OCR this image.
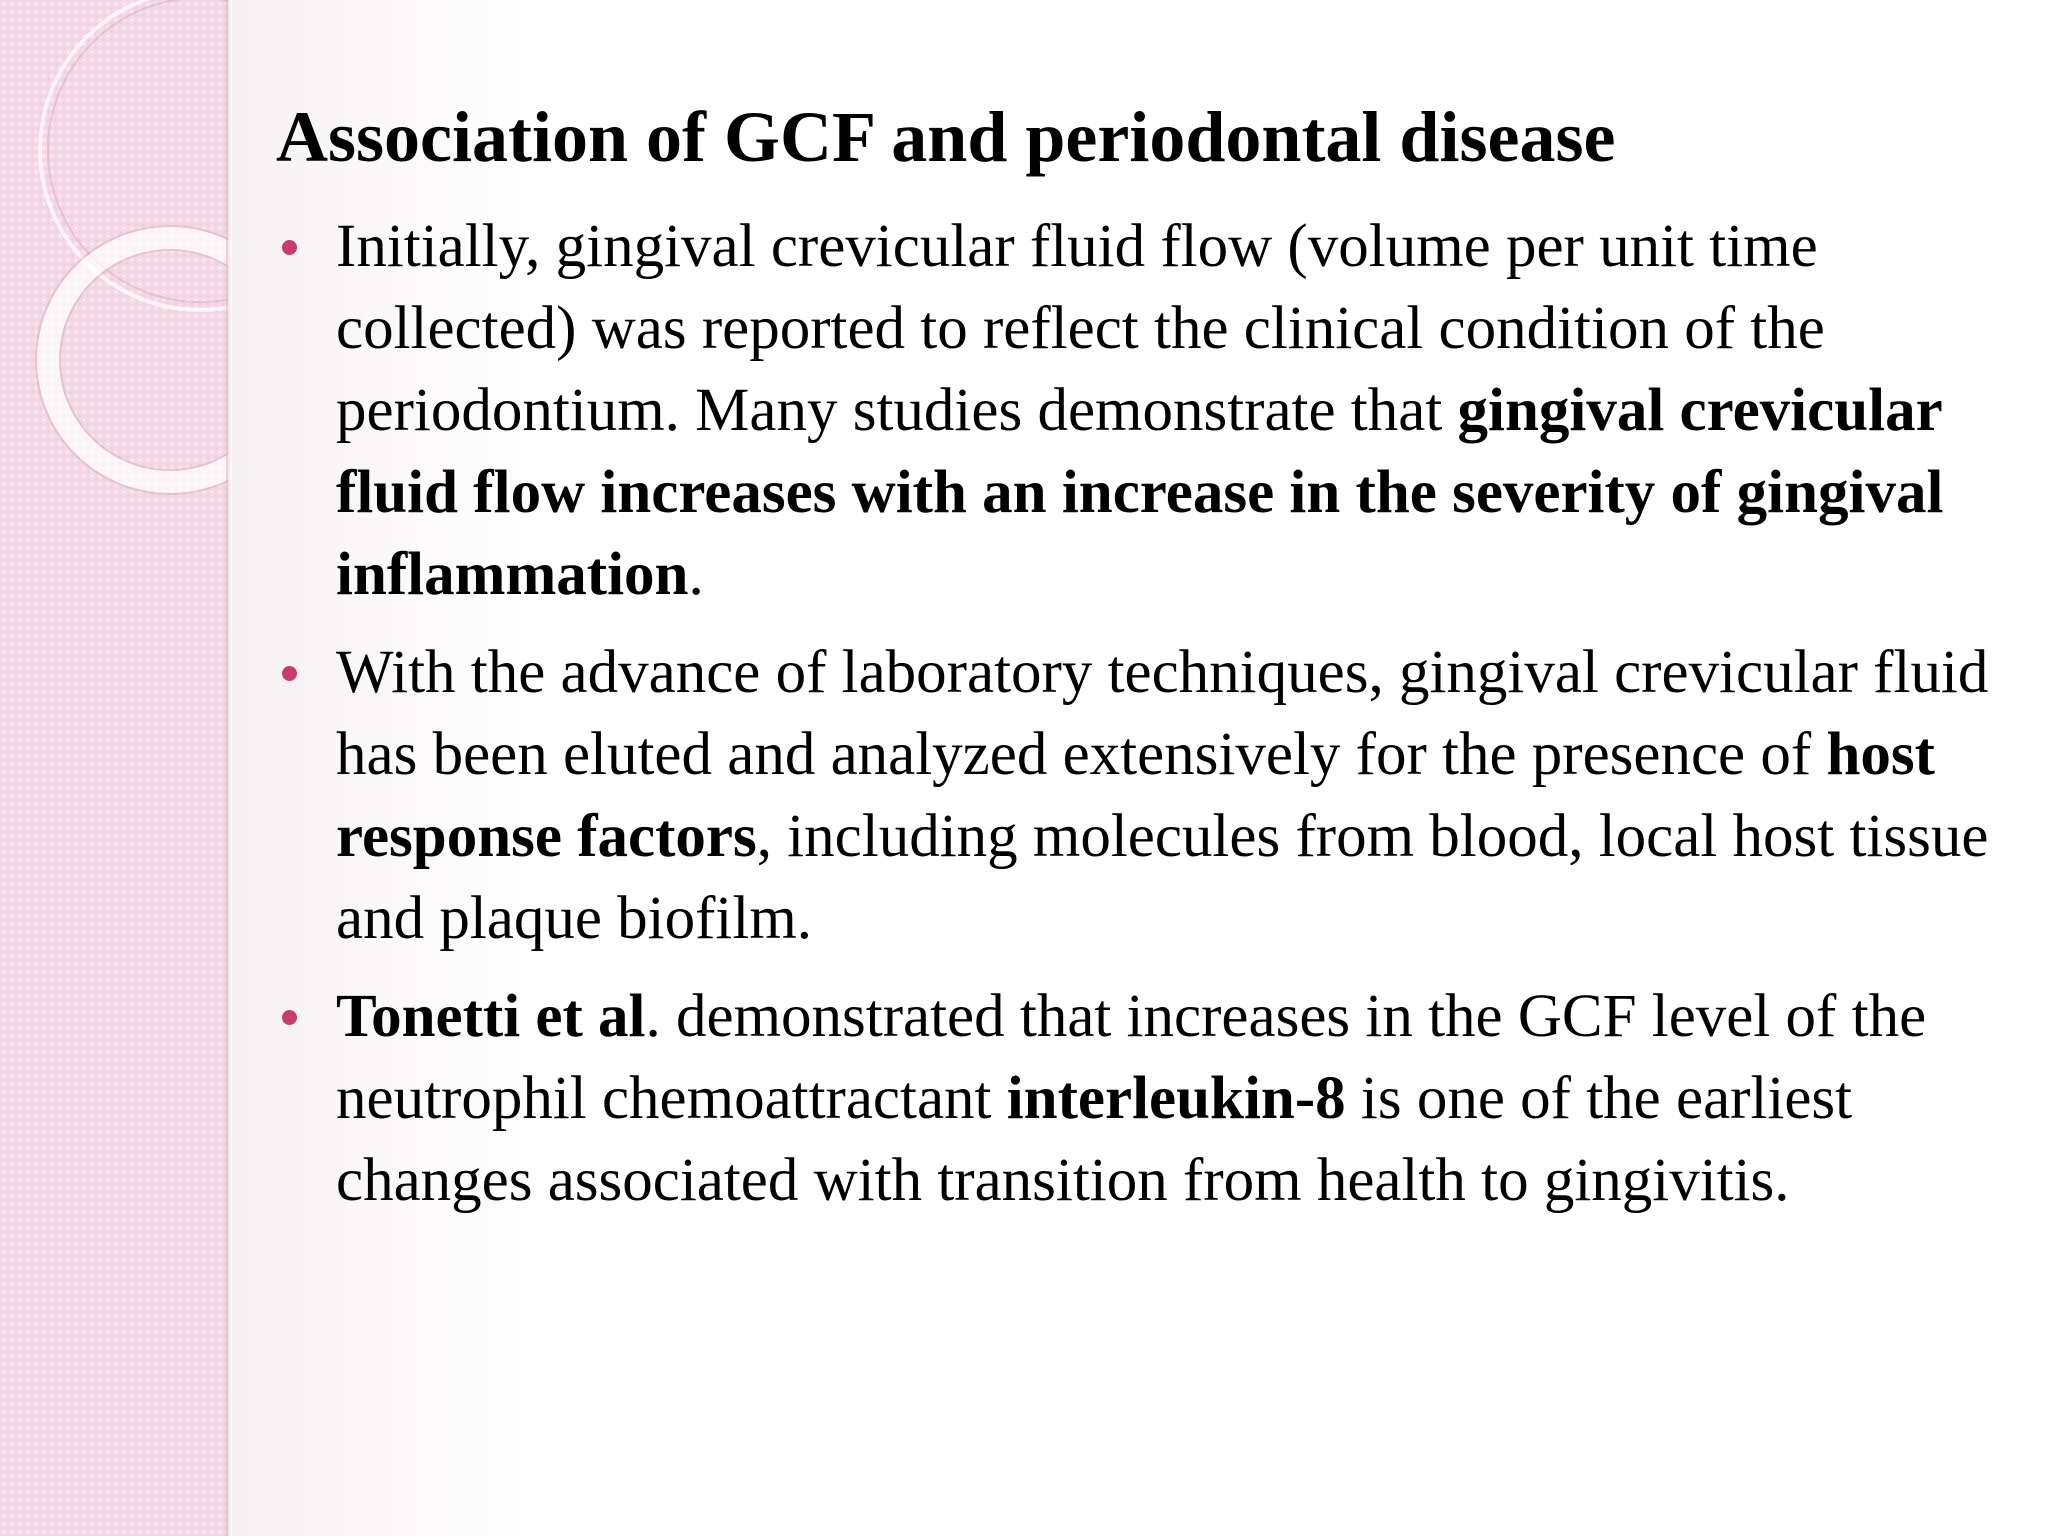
Association of GCF and periodontal disease
Initially, gingival crevicular fluid flow (volume per unit time collected) was reported to reflect the clinical condition of the periodontium. Many studies demonstrate that gingival crevicular fluid flow increases with an increase in the severity of gingival inflammation.
With the advance of laboratory techniques, gingival crevicular fluid has been eluted and analyzed extensively for the presence of host response factors, including molecules from blood, local host tissue and plaque biofilm.
Tonetti et al. demonstrated that increases in the GCF level of the neutrophil chemoattractant interleukin-8 is one of the earliest changes associated with transition from health to gingivitis.
